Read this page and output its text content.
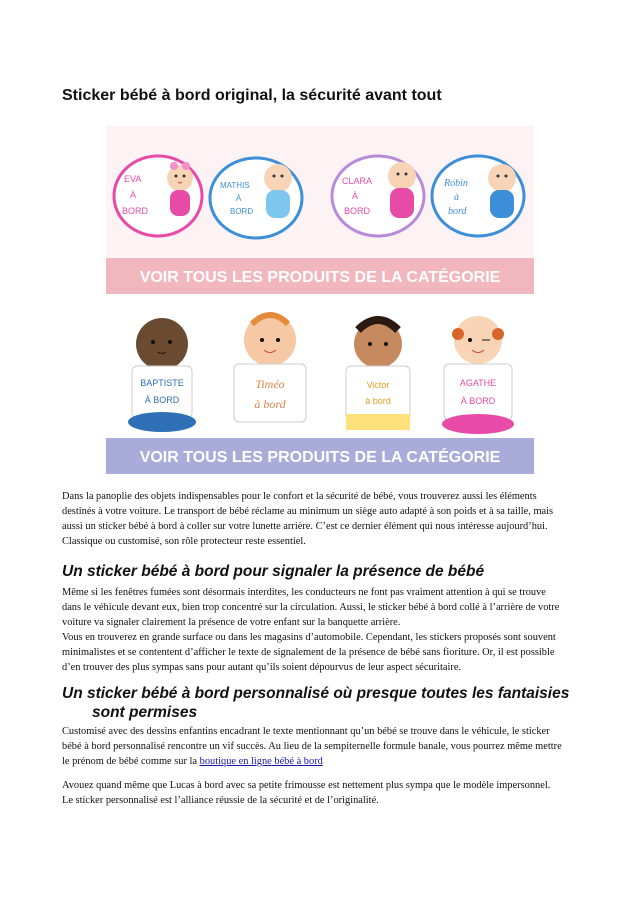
Sticker bébé à bord original, la sécurité avant tout
EVA
À
BORD
MATHIS
À
BORD
CLARA
À
BORD
Robin
à
bord
VOIR TOUS LES PRODUITS DE LA CATÉGORIE
BAPTISTE
À BORD
Timéo
à bord
Victor
à bord
AGATHE
À BORD
VOIR TOUS LES PRODUITS DE LA CATÉGORIE

Dans la panoplie des objets indispensables pour le confort et la sécurité de bébé, vous trouverez aussi les éléments
destinés à votre voiture. Le transport de bébé réclame au minimum un siège auto adapté à son poids et à sa taille, mais
aussi un sticker bébé à bord à coller sur votre lunette arrière. C’est ce dernier élément qui nous intéresse aujourd’hui.
Classique ou customisé, son rôle protecteur reste essentiel.

Un sticker bébé à bord pour signaler la présence de bébé

Même si les fenêtres fumées sont désormais interdites, les conducteurs ne font pas vraiment attention à qui se trouve
dans le véhicule devant eux, bien trop concentré sur la circulation. Aussi, le sticker bébé à bord collé à l’arrière de votre
voiture va signaler clairement la présence de votre enfant sur la banquette arrière.
Vous en trouverez en grande surface ou dans les magasins d’automobile. Cependant, les stickers proposés sont souvent
minimalistes et se contentent d’afficher le texte de signalement de la présence de bébé sans fioriture. Or, il est possible
d’en trouver des plus sympas sans pour autant qu’ils soient dépourvus de leur aspect sécuritaire.

Un sticker bébé à bord personnalisé où presque toutes les fantaisies
sont permises

Customisé avec des dessins enfantins encadrant le texte mentionnant qu’un bébé se trouve dans le véhicule, le sticker
bébé à bord personnalisé rencontre un vif succès. Au lieu de la sempiternelle formule banale, vous pourrez même mettre
le prénom de bébé comme sur la boutique en ligne bébé à bord

Avouez quand même que Lucas à bord avec sa petite frimousse est nettement plus sympa que le modèle impersonnel.
Le sticker personnalisé est l’alliance réussie de la sécurité et de l’originalité.
